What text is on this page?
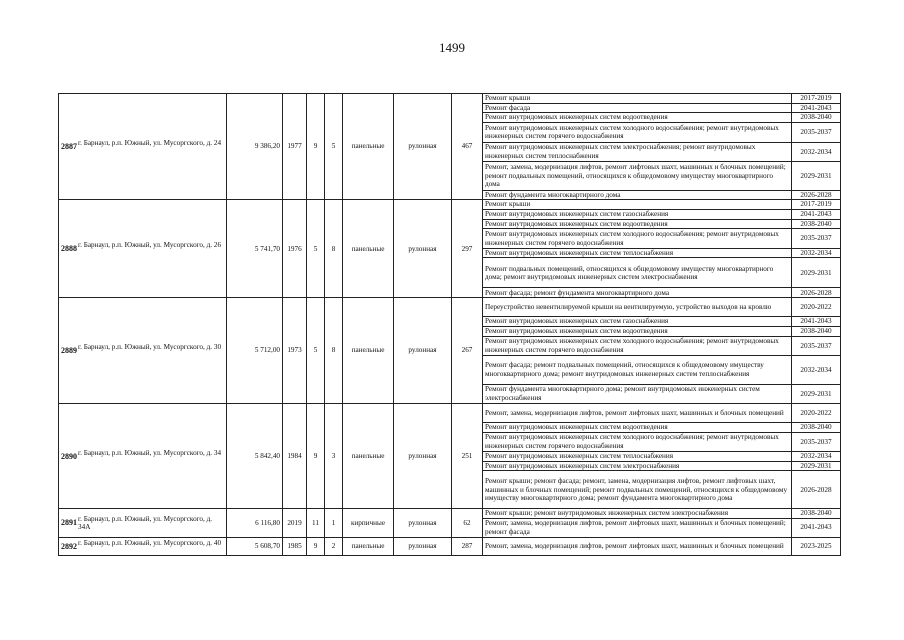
1499
2887 г. Барнаул, р.п. Южный, ул. Мусоргского, д. 24	9 386,20	1977	9	5	панельные	рулонная	467	Ремонт крыши	2017-2019
								Ремонт фасада	2041-2043
								Ремонт внутридомовых инженерных систем водоотведения	2038-2040
								Ремонт внутридомовых инженерных систем холодного водоснабжения; ремонт внутридомовых инженерных систем горячего водоснабжения	2035-2037
								Ремонт внутридомовых инженерных систем электроснабжения; ремонт внутридомовых инженерных систем теплоснабжения	2032-2034
								Ремонт, замена, модернизация лифтов, ремонт лифтовых шахт, машинных и блочных помещений; ремонт подвальных помещений, относящихся к общедомовому имуществу многоквартирного дома	2029-2031
								Ремонт фундамента многоквартирного дома	2026-2028

2888 г. Барнаул, р.п. Южный, ул. Мусоргского, д. 26	5 741,70	1976	5	8	панельные	рулонная	297	Ремонт крыши	2017-2019
								Ремонт внутридомовых инженерных систем газоснабжения	2041-2043
								Ремонт внутридомовых инженерных систем водоотведения	2038-2040
								Ремонт внутридомовых инженерных систем холодного водоснабжения; ремонт внутридомовых инженерных систем горячего водоснабжения	2035-2037
								Ремонт внутридомовых инженерных систем теплоснабжения	2032-2034
								Ремонт подвальных помещений, относящихся к общедомовому имуществу многоквартирного дома; ремонт внутридомовых инженерных систем электроснабжения	2029-2031
								Ремонт фасада; ремонт фундамента многоквартирного дома	2026-2028

2889 г. Барнаул, р.п. Южный, ул. Мусоргского, д. 30	5 712,00	1973	5	8	панельные	рулонная	267	Переустройство невентилируемой крыши на вентилируемую, устройство выходов на кровлю	2020-2022
								Ремонт внутридомовых инженерных систем газоснабжения	2041-2043
								Ремонт внутридомовых инженерных систем водоотведения	2038-2040
								Ремонт внутридомовых инженерных систем холодного водоснабжения; ремонт внутридомовых инженерных систем горячего водоснабжения	2035-2037
								Ремонт фасада; ремонт подвальных помещений, относящихся к общедомовому имуществу многоквартирного дома; ремонт внутридомовых инженерных систем теплоснабжения	2032-2034
								Ремонт фундамента многоквартирного дома; ремонт внутридомовых инженерных систем электроснабжения	2029-2031

2890 г. Барнаул, р.п. Южный, ул. Мусоргского, д. 34	5 842,40	1984	9	3	панельные	рулонная	251	Ремонт, замена, модернизация лифтов, ремонт лифтовых шахт, машинных и блочных помещений	2020-2022
								Ремонт внутридомовых инженерных систем водоотведения	2038-2040
								Ремонт внутридомовых инженерных систем холодного водоснабжения; ремонт внутридомовых инженерных систем горячего водоснабжения	2035-2037
								Ремонт внутридомовых инженерных систем теплоснабжения	2032-2034
								Ремонт внутридомовых инженерных систем электроснабжения	2029-2031
								Ремонт крыши; ремонт фасада; ремонт, замена, модернизация лифтов, ремонт лифтовых шахт, машинных и блочных помещений; ремонт подвальных помещений, относящихся к общедомовому имуществу многоквартирного дома; ремонт фундамента многоквартирного дома	2026-2028

2891 г. Барнаул, р.п. Южный, ул. Мусоргского, д. 34А	6 116,80	2019	11	1	кирпичные	рулонная	62	Ремонт крыши; ремонт внутридомовых инженерных систем электроснабжения	2038-2040
								Ремонт, замена, модернизация лифтов, ремонт лифтовых шахт, машинных и блочных помещений; ремонт фасада	2041-2043

2892 г. Барнаул, р.п. Южный, ул. Мусоргского, д. 40	5 608,70	1985	9	2	панельные	рулонная	287	Ремонт, замена, модернизация лифтов, ремонт лифтовых шахт, машинных и блочных помещений	2023-2025
